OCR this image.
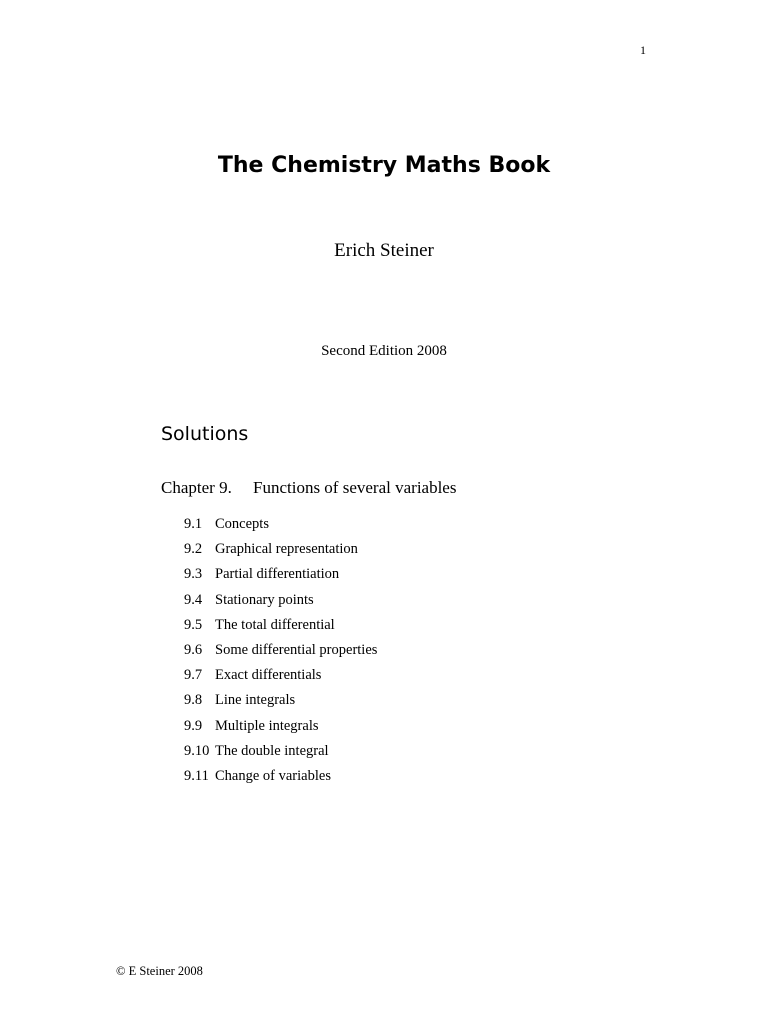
1
The Chemistry Maths Book
Erich Steiner
Second Edition 2008
Solutions
Chapter 9. Functions of several variables
9.1 Concepts
9.2 Graphical representation
9.3 Partial differentiation
9.4 Stationary points
9.5 The total differential
9.6 Some differential properties
9.7 Exact differentials
9.8 Line integrals
9.9 Multiple integrals
9.10 The double integral
9.11 Change of variables
© E Steiner 2008
